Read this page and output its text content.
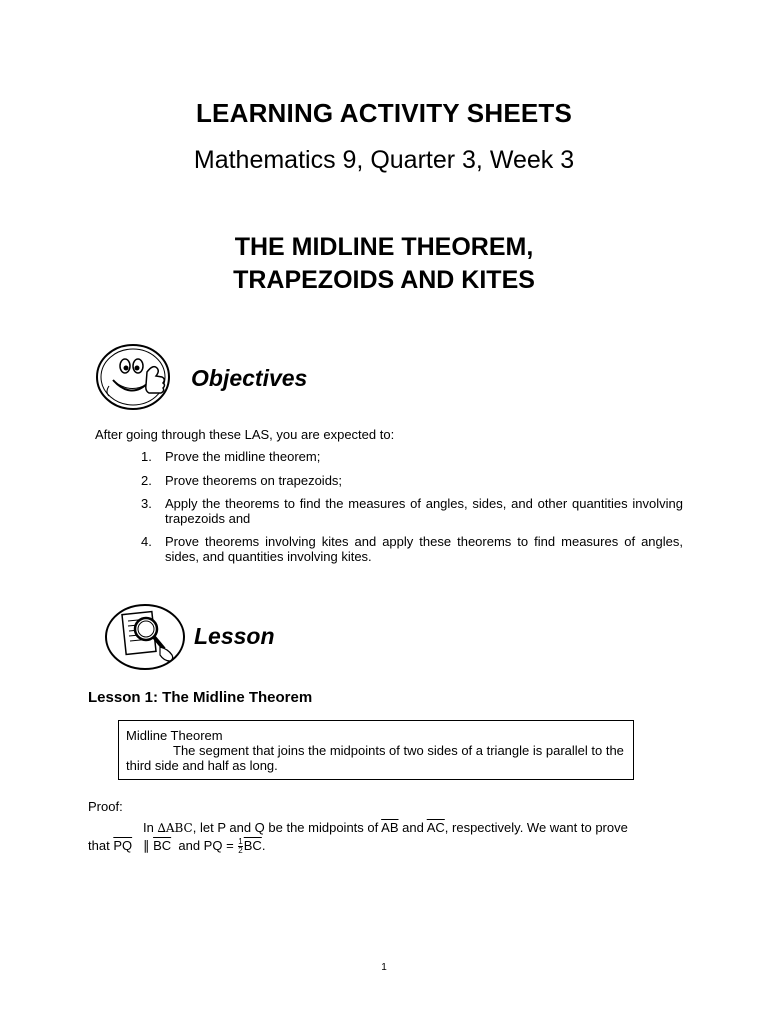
LEARNING ACTIVITY SHEETS
Mathematics 9, Quarter 3, Week 3
THE MIDLINE THEOREM,
TRAPEZOIDS AND KITES
Objectives
After going through these LAS, you are expected to:
1. Prove the midline theorem;
2. Prove theorems on trapezoids;
3. Apply the theorems to find the measures of angles, sides, and other quantities involving trapezoids and
4. Prove theorems involving kites and apply these theorems to find measures of angles, sides, and quantities involving kites.
Lesson
Lesson 1: The Midline Theorem
Midline Theorem
The segment that joins the midpoints of two sides of a triangle is parallel to the third side and half as long.
Proof:
In ∆ABC, let P and Q be the midpoints of $\overline{AB}$ and $\overline{AC}$, respectively. We want to prove
that $\overline{PQ}$ ∥ $\overline{BC}$ and PQ = $\frac{1}{2} \overline{BC}$.
1
